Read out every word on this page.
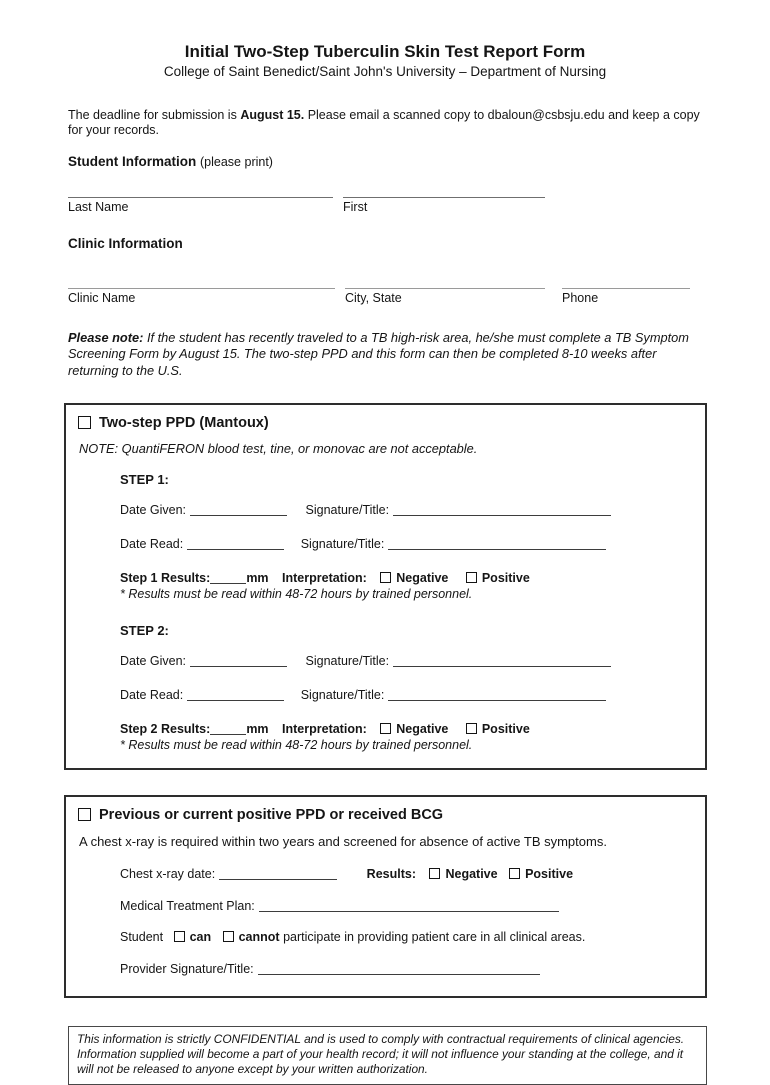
Initial Two-Step Tuberculin Skin Test Report Form
College of Saint Benedict/Saint John's University – Department of Nursing

The deadline for submission is August 15. Please email a scanned copy to dbaloun@csbsju.edu and keep a copy for your records.

Student Information (please print)
Last Name	First
Clinic Information
Clinic Name	City, State	Phone

Please note: If the student has recently traveled to a TB high-risk area, he/she must complete a TB Symptom Screening Form by August 15. The two-step PPD and this form can then be completed 8-10 weeks after returning to the U.S.

Two-step PPD (Mantoux)
NOTE: QuantiFERON blood test, tine, or monovac are not acceptable.
STEP 1:
Date Given:	Signature/Title:
Date Read:	Signature/Title:
Step 1 Results:	mm Interpretation: Negative	Positive
* Results must be read within 48-72 hours by trained personnel.
STEP 2:
Date Given:	Signature/Title:
Date Read:	Signature/Title:
Step 2 Results:	mm Interpretation: Negative	Positive
* Results must be read within 48-72 hours by trained personnel.
Previous or current positive PPD or received BCG
A chest x-ray is required within two years and screened for absence of active TB symptoms.
Chest x-ray date:	Results: Negative Positive
Medical Treatment Plan:
Student can cannot participate in providing patient care in all clinical areas.
Provider Signature/Title:
This information is strictly CONFIDENTIAL and is used to comply with contractual requirements of clinical agencies. Information supplied will become a part of your health record; it will not influence your standing at the college, and it will not be released to anyone except by your written authorization.
